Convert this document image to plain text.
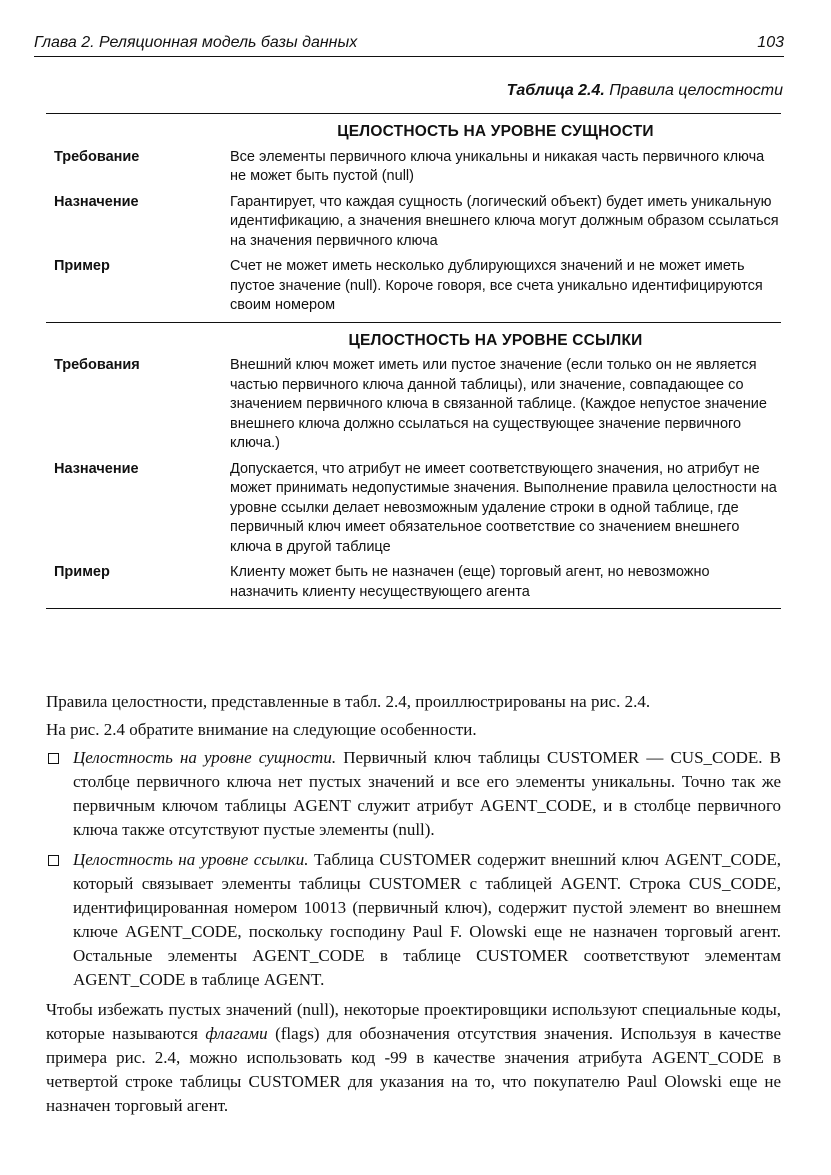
Глава 2. Реляционная модель базы данных	103
Таблица 2.4. Правила целостности
ЦЕЛОСТНОСТЬ НА УРОВНЕ СУЩНОСТИ
Требование	Все элементы первичного ключа уникальны и никакая часть первичного ключа не может быть пустой (null)
Назначение	Гарантирует, что каждая сущность (логический объект) будет иметь уникальную идентификацию, а значения внешнего ключа могут должным образом ссылаться на значения первичного ключа
Пример	Счет не может иметь несколько дублирующихся значений и не может иметь пустое значение (null). Короче говоря, все счета уникально идентифицируются своим номером
ЦЕЛОСТНОСТЬ НА УРОВНЕ ССЫЛКИ
Требования	Внешний ключ может иметь или пустое значение (если только он не является частью первичного ключа данной таблицы), или значение, совпадающее со значением первичного ключа в связанной таблице. (Каждое непустое значение внешнего ключа должно ссылаться на существующее значение первичного ключа.)
Назначение	Допускается, что атрибут не имеет соответствующего значения, но атрибут не может принимать недопустимые значения. Выполнение правила целостности на уровне ссылки делает невозможным удаление строки в одной таблице, где первичный ключ имеет обязательное соответствие со значением внешнего ключа в другой таблице
Пример	Клиенту может быть не назначен (еще) торговый агент, но невозможно назначить клиенту несуществующего агента

Правила целостности, представленные в табл. 2.4, проиллюстрированы на рис. 2.4.

На рис. 2.4 обратите внимание на следующие особенности.

Целостность на уровне сущности. Первичный ключ таблицы CUSTOMER — CUS_CODE. В столбце первичного ключа нет пустых значений и все его элементы уникальны. Точно так же первичным ключом таблицы AGENT служит атрибут AGENT_CODE, и в столбце первичного ключа также отсутствуют пустые элементы (null).
Целостность на уровне ссылки. Таблица CUSTOMER содержит внешний ключ AGENT_CODE, который связывает элементы таблицы CUSTOMER с таблицей AGENT. Строка CUS_CODE, идентифицированная номером 10013 (первичный ключ), содержит пустой элемент во внешнем ключе AGENT_CODE, поскольку господину Paul F. Olowski еще не назначен торговый агент. Остальные элементы AGENT_CODE в таблице CUSTOMER соответствуют элементам AGENT_CODE в таблице AGENT.

Чтобы избежать пустых значений (null), некоторые проектировщики используют специальные коды, которые называются флагами (flags) для обозначения отсутствия значения. Используя в качестве примера рис. 2.4, можно использовать код -99 в качестве значения атрибута AGENT_CODE в четвертой строке таблицы CUSTOMER для указания на то, что покупателю Paul Olowski еще не назначен торговый агент.
